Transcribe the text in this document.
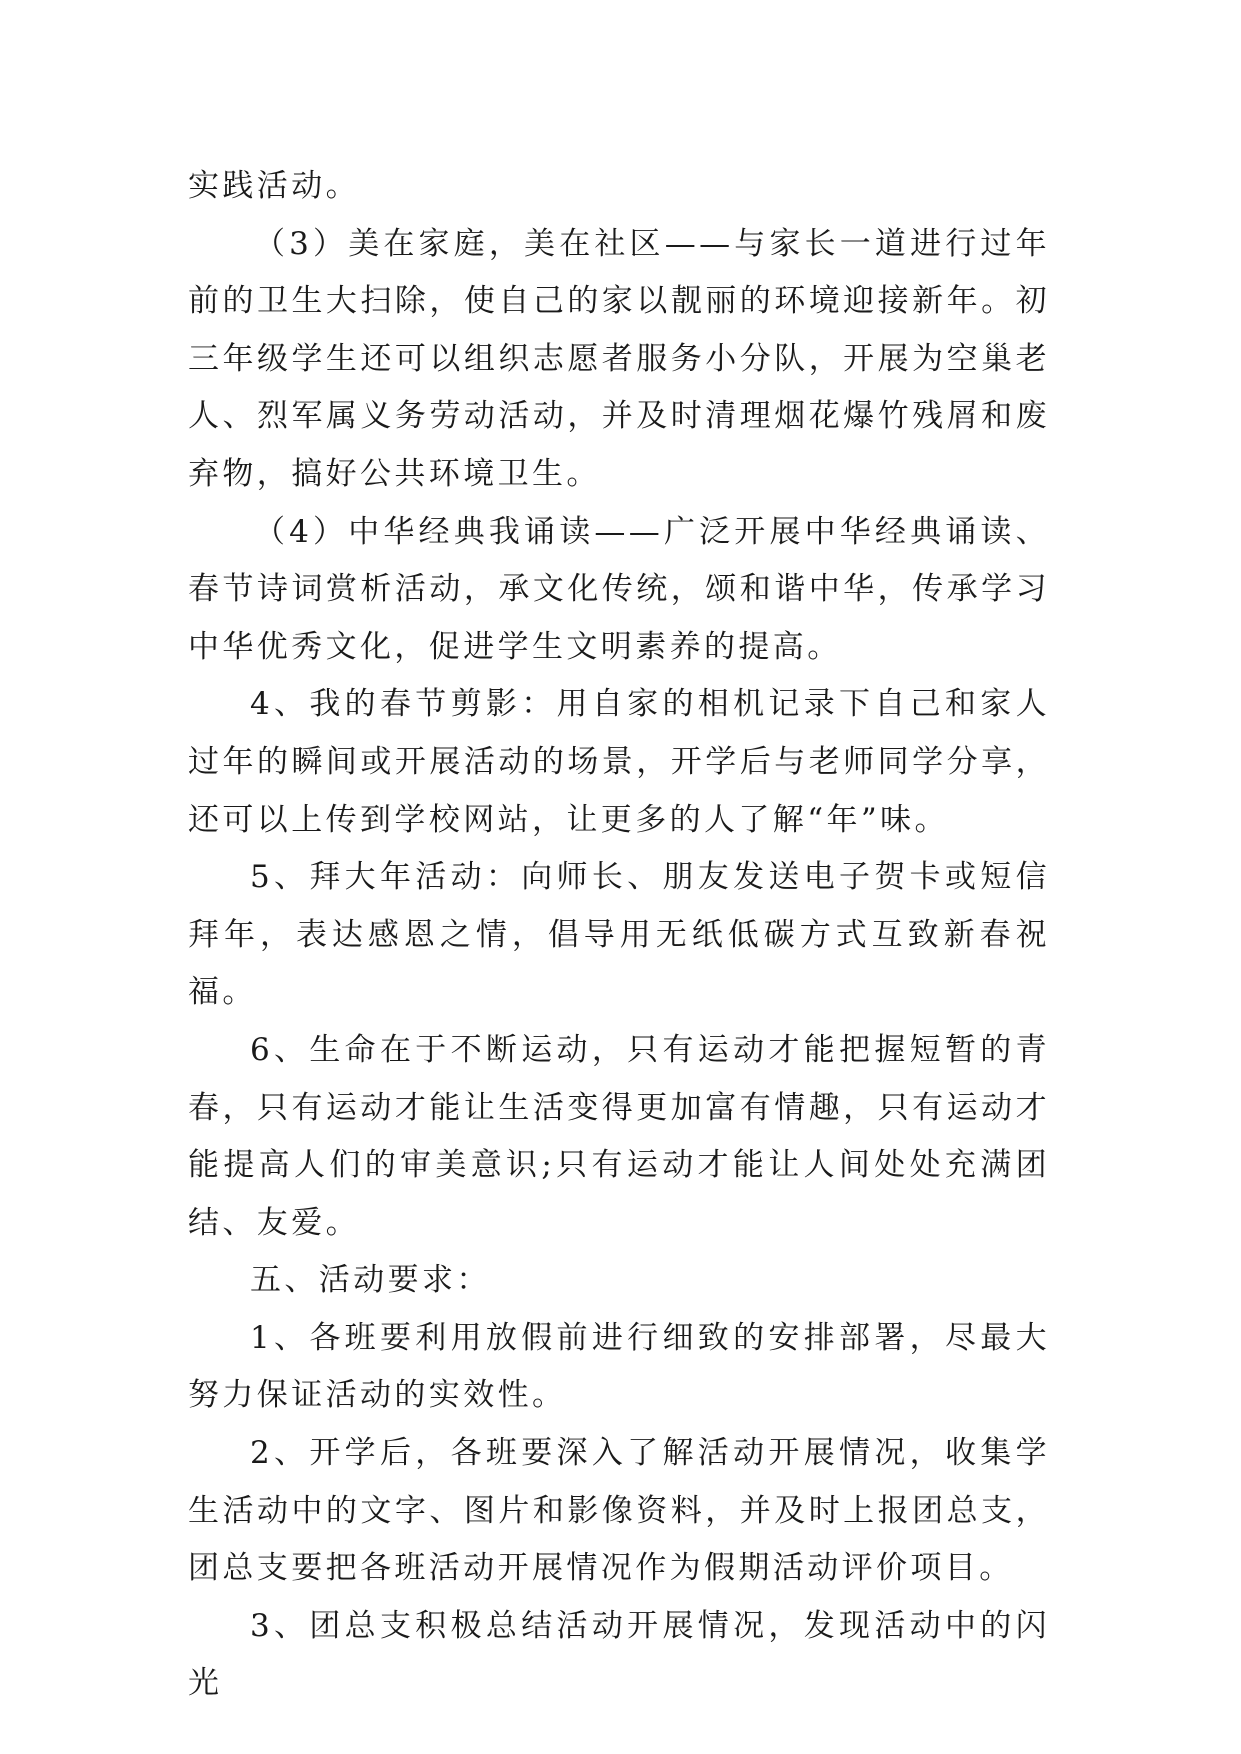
实践活动。

（3）美在家庭，美在社区——与家长一道进行过年前的卫生大扫除，使自己的家以靓丽的环境迎接新年。初三年级学生还可以组织志愿者服务小分队，开展为空巢老人、烈军属义务劳动活动，并及时清理烟花爆竹残屑和废弃物，搞好公共环境卫生。

（4）中华经典我诵读——广泛开展中华经典诵读、春节诗词赏析活动，承文化传统，颂和谐中华，传承学习中华优秀文化，促进学生文明素养的提高。

4、我的春节剪影：用自家的相机记录下自己和家人过年的瞬间或开展活动的场景，开学后与老师同学分享，还可以上传到学校网站，让更多的人了解“年”味。

5、拜大年活动：向师长、朋友发送电子贺卡或短信拜年，表达感恩之情，倡导用无纸低碳方式互致新春祝福。

6、生命在于不断运动，只有运动才能把握短暂的青春，只有运动才能让生活变得更加富有情趣，只有运动才能提高人们的审美意识;只有运动才能让人间处处充满团结、友爱。

五、活动要求：

1、各班要利用放假前进行细致的安排部署，尽最大努力保证活动的实效性。

2、开学后，各班要深入了解活动开展情况，收集学生活动中的文字、图片和影像资料，并及时上报团总支，团总支要把各班活动开展情况作为假期活动评价项目。

3、团总支积极总结活动开展情况，发现活动中的闪光
